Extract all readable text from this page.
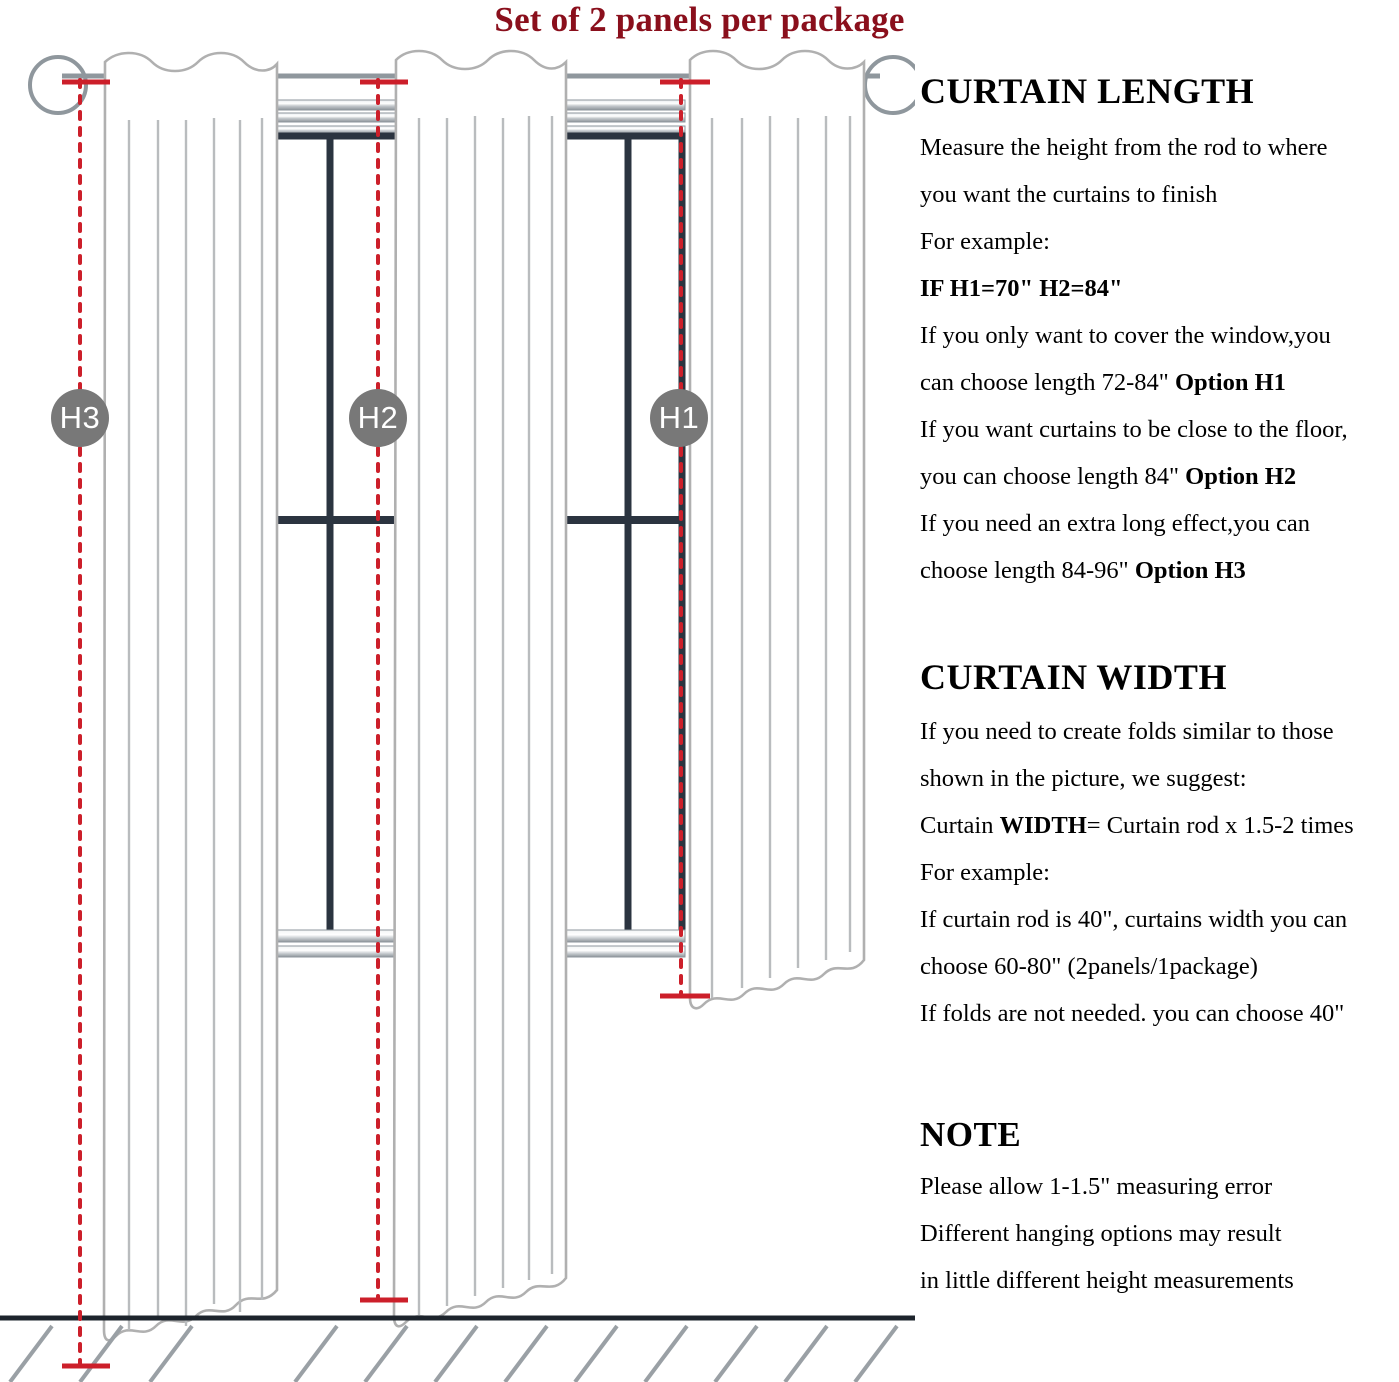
Set of 2 panels per package
H3	H2	H1
CURTAIN LENGTH
Measure the height from the rod to where
you want the curtains to finish
For example:
IF H1=70" H2=84"
If you only want to cover the window,you
can choose length 72-84" Option H1
If you want curtains to be close to the floor,
you can choose length 84" Option H2
If you need an extra long effect,you can
choose length 84-96" Option H3
CURTAIN WIDTH
If you need to create folds similar to those
shown in the picture, we suggest:
Curtain WIDTH= Curtain rod x 1.5-2 times
For example:
If curtain rod is 40", curtains width you can
choose 60-80" (2panels/1package)
If folds are not needed. you can choose 40"
NOTE
Please allow 1-1.5" measuring error
Different hanging options may result
in little different height measurements
